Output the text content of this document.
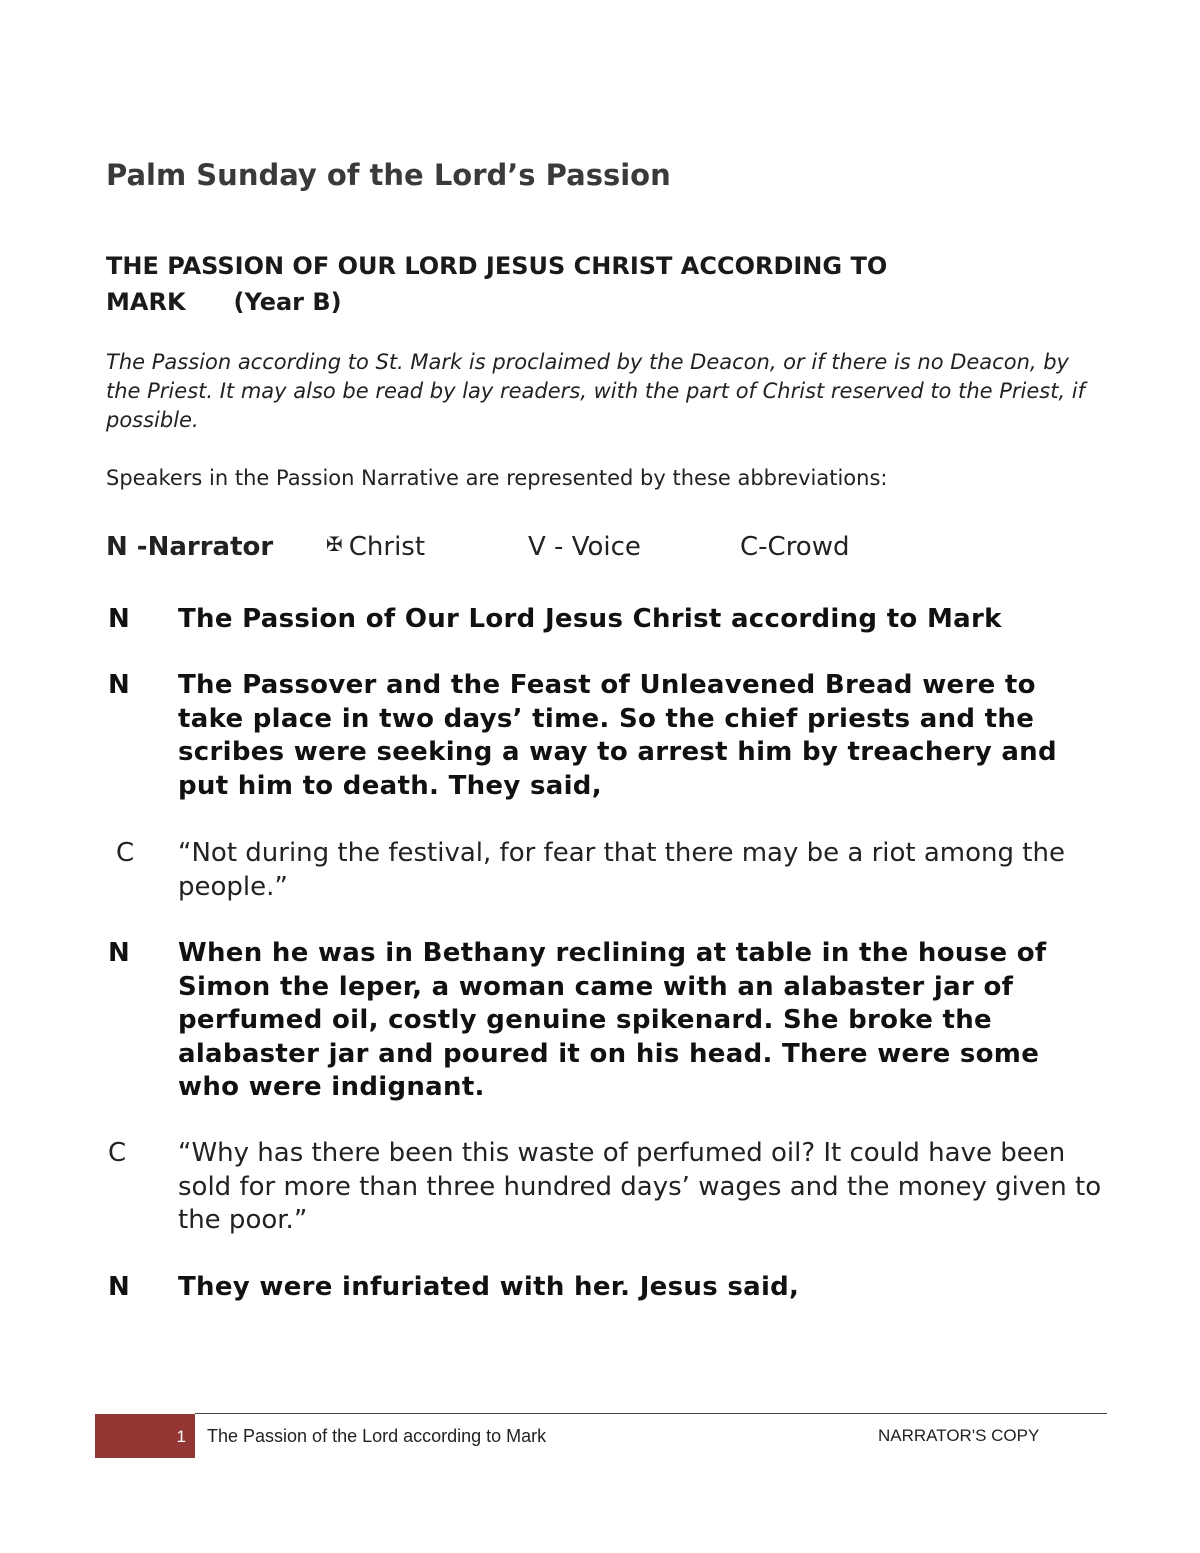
Palm Sunday of the Lord’s Passion
THE PASSION OF OUR LORD JESUS CHRIST ACCORDING TO
MARK (Year B)

The Passion according to St. Mark is proclaimed by the Deacon, or if there is no Deacon, by the Priest. It may also be read by lay readers, with the part of Christ reserved to the Priest, if possible.

Speakers in the Passion Narrative are represented by these abbreviations:

N -Narrator	✠ Christ	V - Voice	C-Crowd
N The Passion of Our Lord Jesus Christ according to Mark
N The Passover and the Feast of Unleavened Bread were to take place in two days’ time. So the chief priests and the scribes were seeking a way to arrest him by treachery and put him to death. They said,
C “Not during the festival, for fear that there may be a riot among the people.”
N When he was in Bethany reclining at table in the house of Simon the leper, a woman came with an alabaster jar of perfumed oil, costly genuine spikenard. She broke the alabaster jar and poured it on his head. There were some who were indignant.
C “Why has there been this waste of perfumed oil? It could have been sold for more than three hundred days’ wages and the money given to the poor.”
N They were infuriated with her. Jesus said,
1 The Passion of the Lord according to Mark	NARRATOR'S COPY
